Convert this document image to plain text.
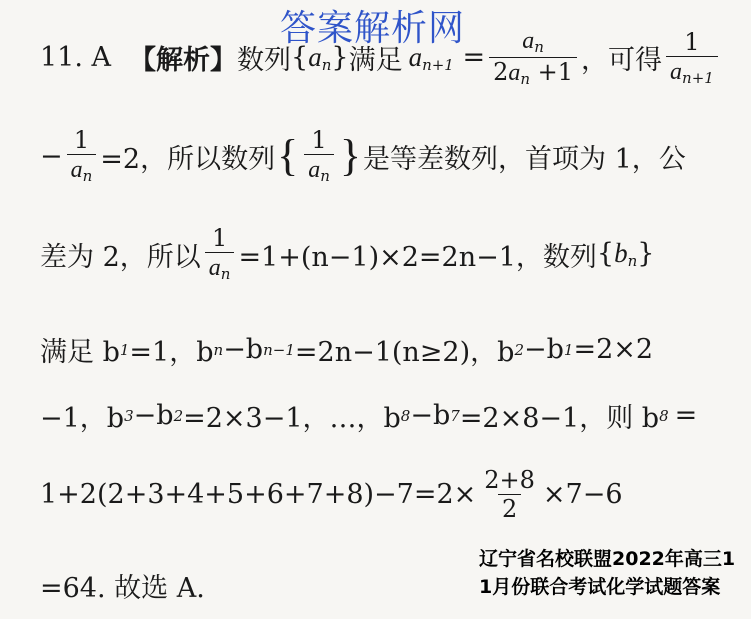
答案解析网
11. A 【解析】 数列 $\{a_n\}$ 满足 $a_{n+1} = \frac{a_n}{2a_n +1}$ ，可得 $\frac{1}{a_{n+1}}$
− $\frac{1}{a_n} =2$，所以数列 { $\frac{1}{a_n}$ } 是等差数列，首项为 1，公
差为 2，所以 $\frac{1}{a_n} =1+(n-1)\times 2=2n-1$，数列 $\{b_n\}$
满足 b 1 =1，b n −b n−1 =2n−1(n≥2)，b 2 −b 1 =2×2
−1，b 3 −b 2 =2×3−1，…，b 8 −b 7 =2×8−1，则 b 8 =
$1+2(2+3+4+5+6+7+8)-7=2\times \frac{2+8}{2} \times 7-6$
=64. 故选 A.
辽宁省名校联盟2022年高三1
1月份联合考试化学试题答案
